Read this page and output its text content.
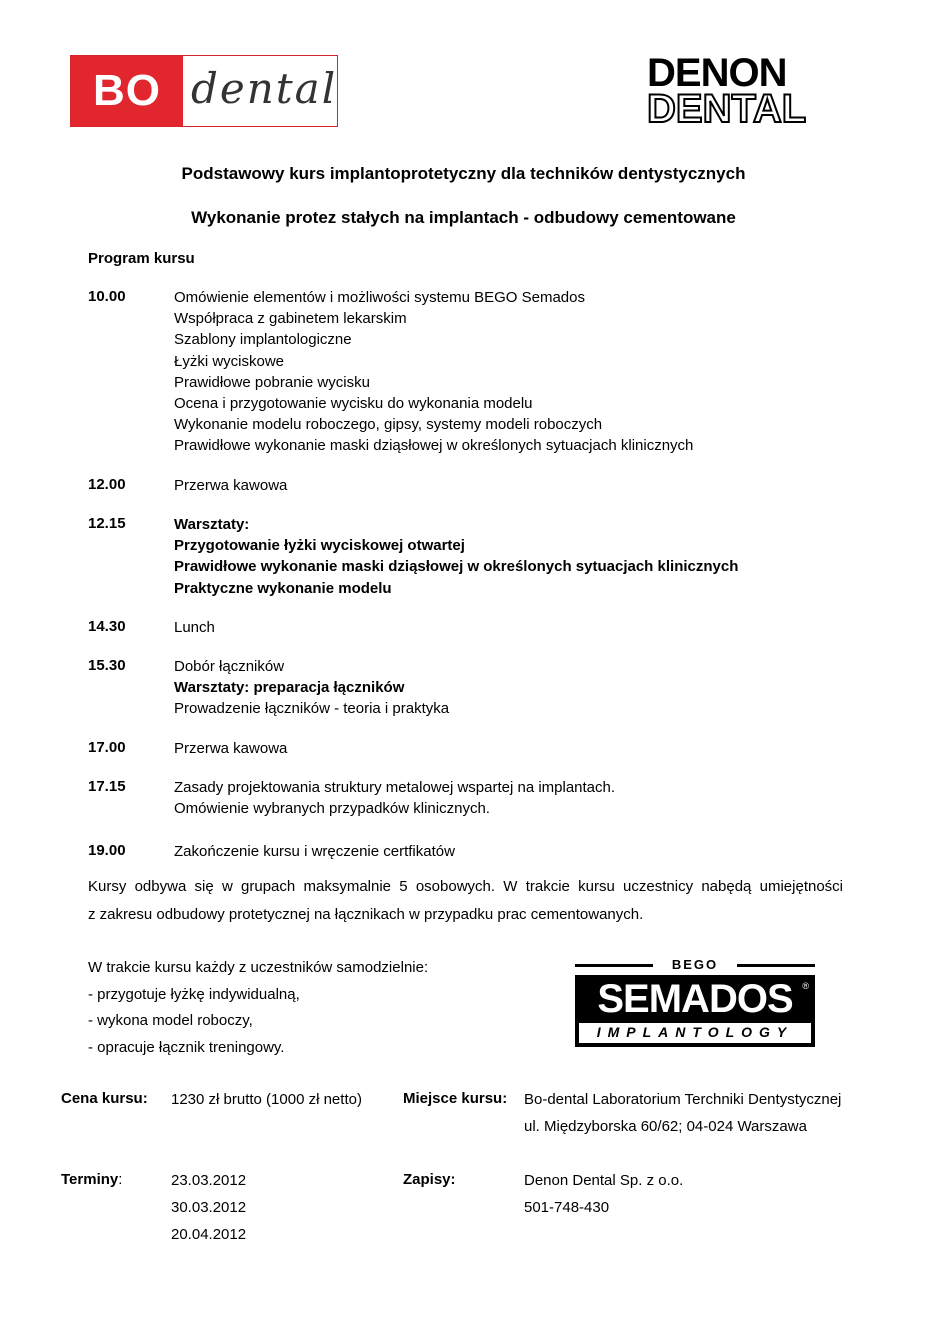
BO dental	DENON
DENTAL
Podstawowy kurs implantoprotetyczny dla techników dentystycznych
Wykonanie protez stałych na implantach - odbudowy cementowane
Program kursu
10.00	Omówienie elementów i możliwości systemu BEGO Semados
Współpraca z gabinetem lekarskim
Szablony implantologiczne
Łyżki wyciskowe
Prawidłowe pobranie wycisku
Ocena i przygotowanie wycisku do wykonania modelu
Wykonanie modelu roboczego, gipsy, systemy modeli roboczych
Prawidłowe wykonanie maski dziąsłowej w określonych sytuacjach klinicznych
12.00	Przerwa kawowa
12.15	Warsztaty:
Przygotowanie łyżki wyciskowej otwartej
Prawidłowe wykonanie maski dziąsłowej w określonych sytuacjach klinicznych
Praktyczne wykonanie modelu
14.30	Lunch
15.30	Dobór łączników
Warsztaty: preparacja łączników
Prowadzenie łączników - teoria i praktyka
17.00	Przerwa kawowa
17.15	Zasady projektowania struktury metalowej wspartej na implantach.
Omówienie wybranych przypadków klinicznych.
19.00	Zakończenie kursu i wręczenie certfikatów
Kursy odbywa się w grupach maksymalnie 5 osobowych. W trakcie kursu uczestnicy nabędą umiejętności
z zakresu odbudowy protetycznej na łącznikach w przypadku prac cementowanych.
W trakcie kursu każdy z uczestników samodzielnie:
- przygotuje łyżkę indywidualną,
- wykona model roboczy,
- opracuje łącznik treningowy.
BEGO
SEMADOS	®
IMPLANTOLOGY
Cena kursu: 1230 zł brutto (1000 zł netto)	Miejsce kursu: Bo-dental Laboratorium Terchniki Dentystycznej
ul. Międzyborska 60/62; 04-024 Warszawa
Terminy:	23.03.2012
30.03.2012
20.04.2012
Zapisy:	Denon Dental Sp. z o.o.
501-748-430
